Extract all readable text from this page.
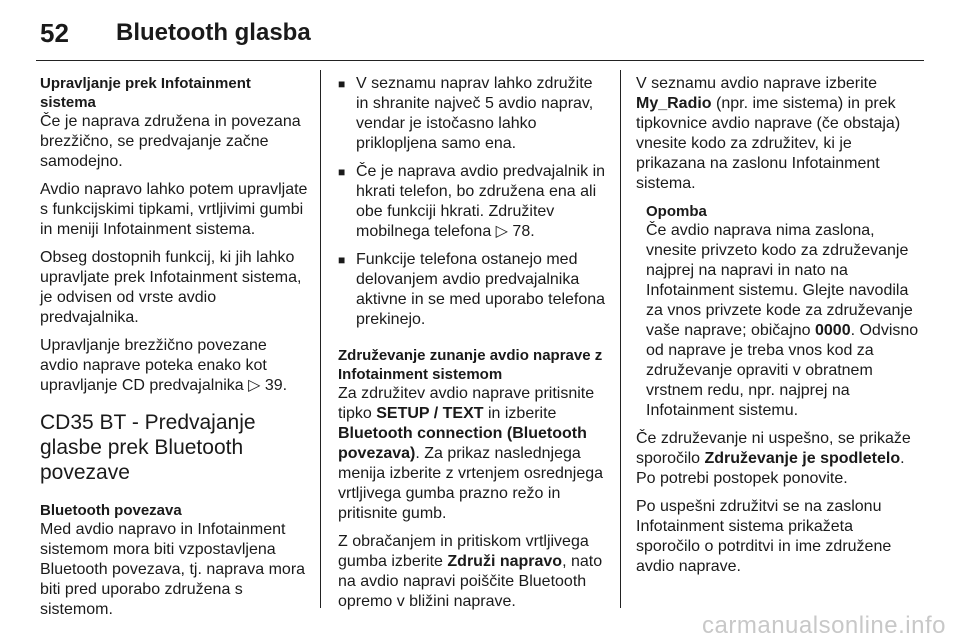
52 Bluetooth glasba
Upravljanje prek Infotainment sistema

Če je naprava združena in povezana brezžično, se predvajanje začne samodejno.

Avdio napravo lahko potem upravljate s funkcijskimi tipkami, vrtljivimi gumbi in meniji Infotainment sistema.

Obseg dostopnih funkcij, ki jih lahko upravljate prek Infotainment sistema, je odvisen od vrste avdio predvajalnika.

Upravljanje brezžično povezane avdio naprave poteka enako kot upravljanje CD predvajalnika ▷ 39.

CD35 BT - Predvajanje glasbe prek Bluetooth povezave
Bluetooth povezava

Med avdio napravo in Infotainment sistemom mora biti vzpostavljena Bluetooth povezava, tj. naprava mora biti pred uporabo združena s sistemom.

■ V seznamu naprav lahko združite in shranite največ 5 avdio naprav, vendar je istočasno lahko priklopljena samo ena.
■ Če je naprava avdio predvajalnik in hkrati telefon, bo združena ena ali obe funkciji hkrati. Združitev mobilnega telefona ▷ 78.
■ Funkcije telefona ostanejo med delovanjem avdio predvajalnika aktivne in se med uporabo telefona prekinejo.
Združevanje zunanje avdio naprave z Infotainment sistemom

Za združitev avdio naprave pritisnite tipko SETUP / TEXT in izberite Bluetooth connection (Bluetooth povezava). Za prikaz naslednjega menija izberite z vrtenjem osrednjega vrtljivega gumba prazno režo in pritisnite gumb.

Z obračanjem in pritiskom vrtljivega gumba izberite Združi napravo, nato na avdio napravi poiščite Bluetooth opremo v bližini naprave.

V seznamu avdio naprave izberite My_Radio (npr. ime sistema) in prek tipkovnice avdio naprave (če obstaja) vnesite kodo za združitev, ki je prikazana na zaslonu Infotainment sistema.

Opomba

Če avdio naprava nima zaslona, vnesite privzeto kodo za združevanje najprej na napravi in nato na Infotainment sistemu. Glejte navodila za vnos privzete kode za združevanje vaše naprave; običajno 0000. Odvisno od naprave je treba vnos kod za združevanje opraviti v obratnem vrstnem redu, npr. najprej na Infotainment sistemu.

Če združevanje ni uspešno, se prikaže sporočilo Združevanje je spodletelo. Po potrebi postopek ponovite.

Po uspešni združitvi se na zaslonu Infotainment sistema prikažeta sporočilo o potrditvi in ime združene avdio naprave.

carmanualsonline.info
